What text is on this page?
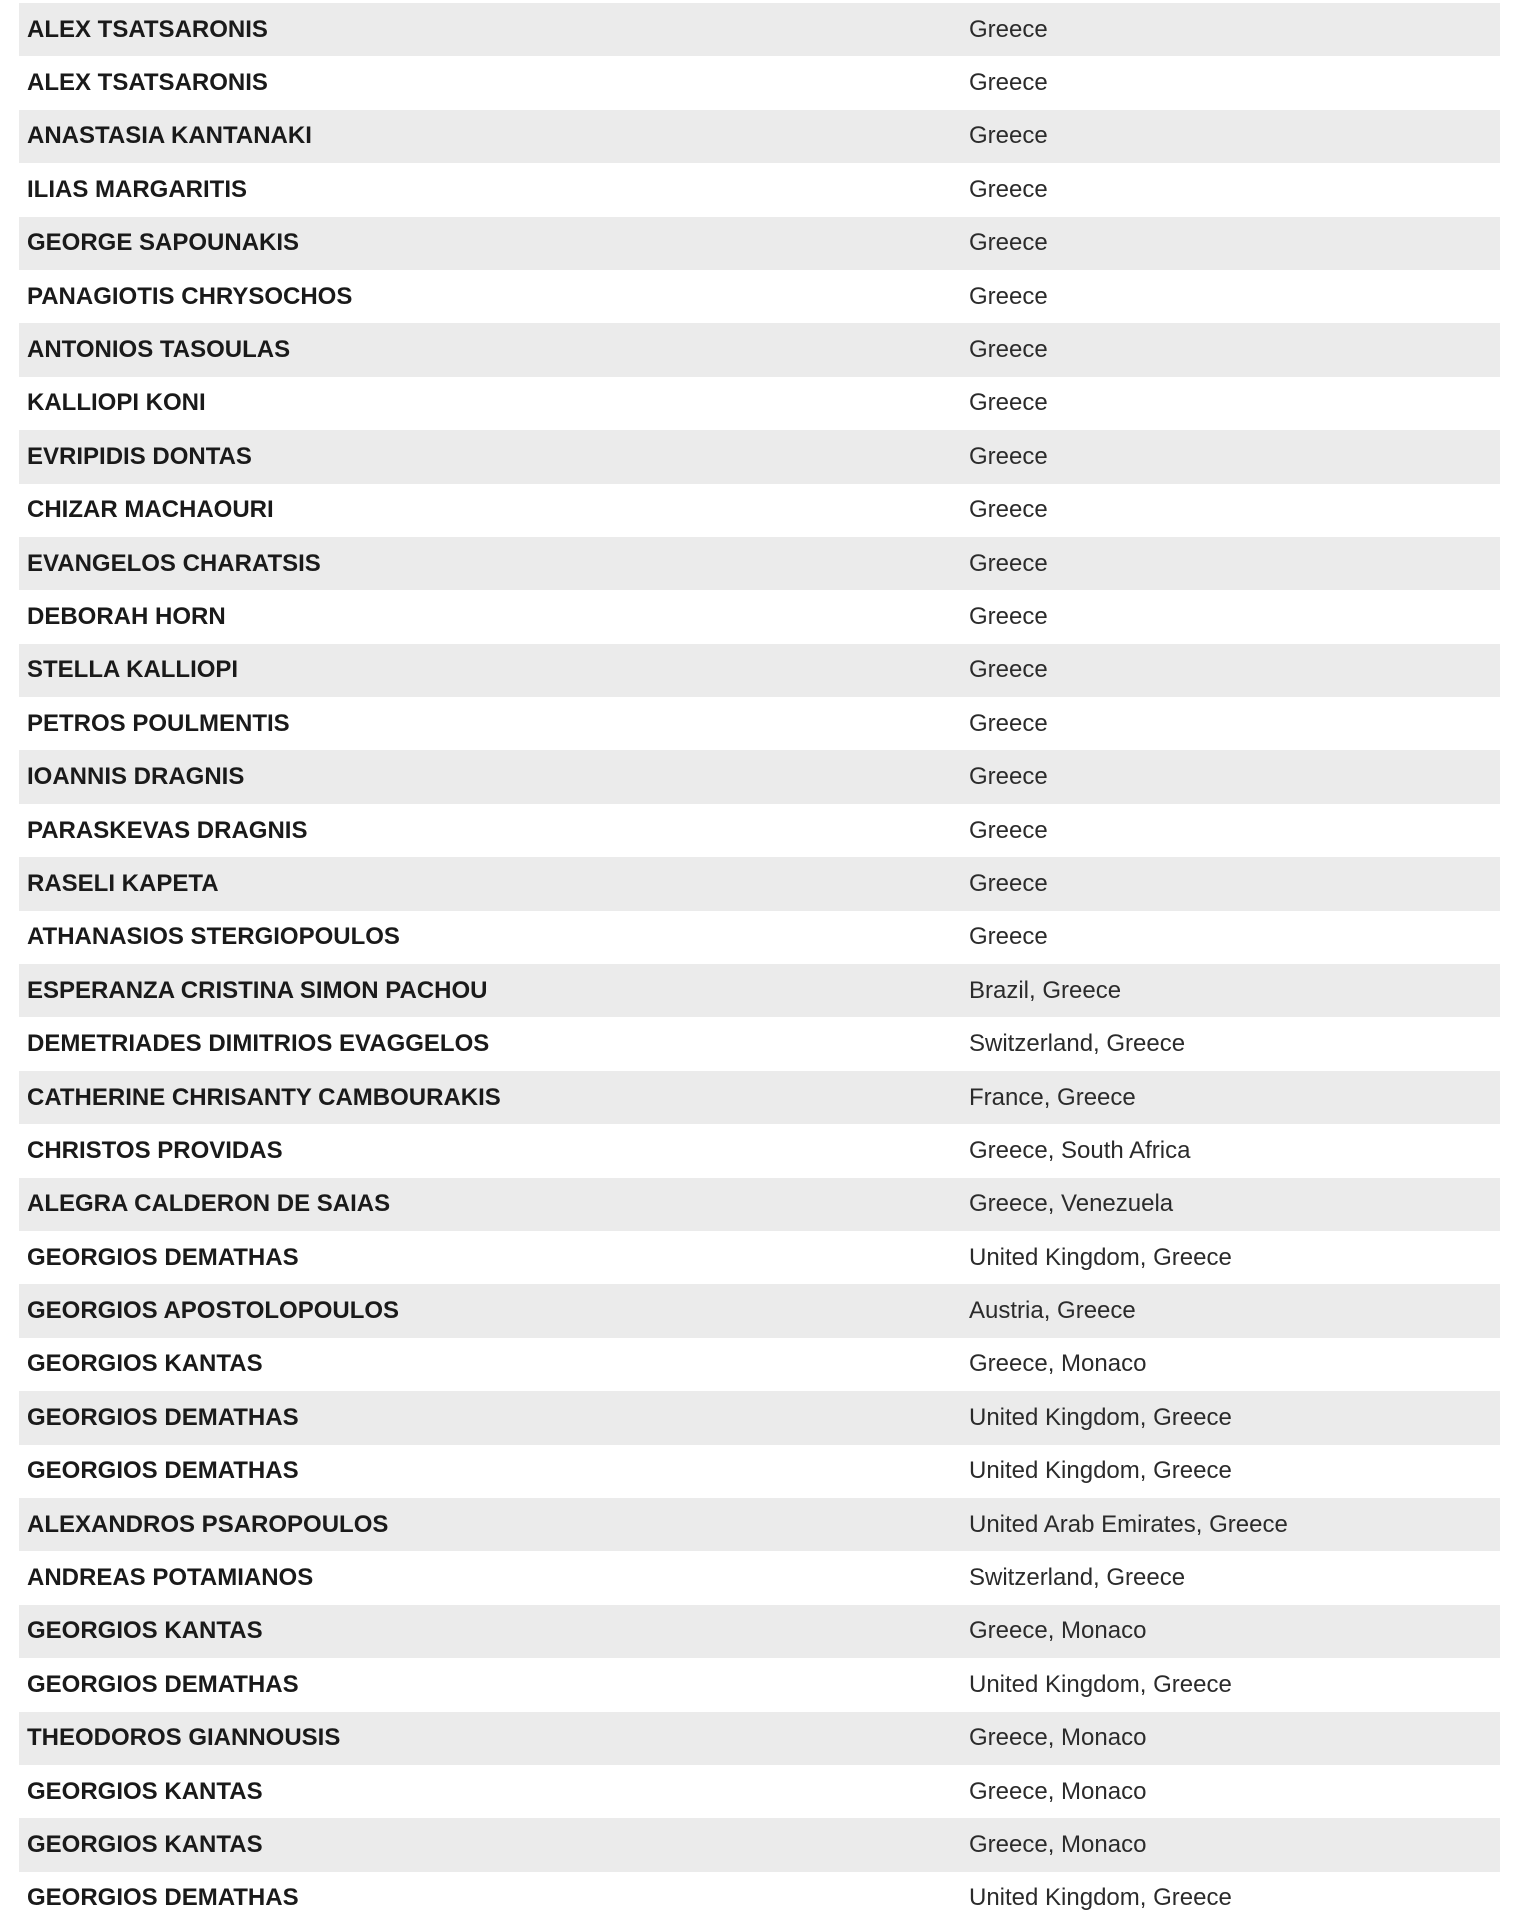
ALEX TSATSARONIS	Greece
ALEX TSATSARONIS	Greece
ANASTASIA KANTANAKI	Greece
ILIAS MARGARITIS	Greece
GEORGE SAPOUNAKIS	Greece
PANAGIOTIS CHRYSOCHOS	Greece
ANTONIOS TASOULAS	Greece
KALLIOPI KONI	Greece
EVRIPIDIS DONTAS	Greece
CHIZAR MACHAOURI	Greece
EVANGELOS CHARATSIS	Greece
DEBORAH HORN	Greece
STELLA KALLIOPI	Greece
PETROS POULMENTIS	Greece
IOANNIS DRAGNIS	Greece
PARASKEVAS DRAGNIS	Greece
RASELI KAPETA	Greece
ATHANASIOS STERGIOPOULOS	Greece
ESPERANZA CRISTINA SIMON PACHOU	Brazil, Greece
DEMETRIADES DIMITRIOS EVAGGELOS	Switzerland, Greece
CATHERINE CHRISANTY CAMBOURAKIS	France, Greece
CHRISTOS PROVIDAS	Greece, South Africa
ALEGRA CALDERON DE SAIAS	Greece, Venezuela
GEORGIOS DEMATHAS	United Kingdom, Greece
GEORGIOS APOSTOLOPOULOS	Austria, Greece
GEORGIOS KANTAS	Greece, Monaco
GEORGIOS DEMATHAS	United Kingdom, Greece
GEORGIOS DEMATHAS	United Kingdom, Greece
ALEXANDROS PSAROPOULOS	United Arab Emirates, Greece
ANDREAS POTAMIANOS	Switzerland, Greece
GEORGIOS KANTAS	Greece, Monaco
GEORGIOS DEMATHAS	United Kingdom, Greece
THEODOROS GIANNOUSIS	Greece, Monaco
GEORGIOS KANTAS	Greece, Monaco
GEORGIOS KANTAS	Greece, Monaco
GEORGIOS DEMATHAS	United Kingdom, Greece
